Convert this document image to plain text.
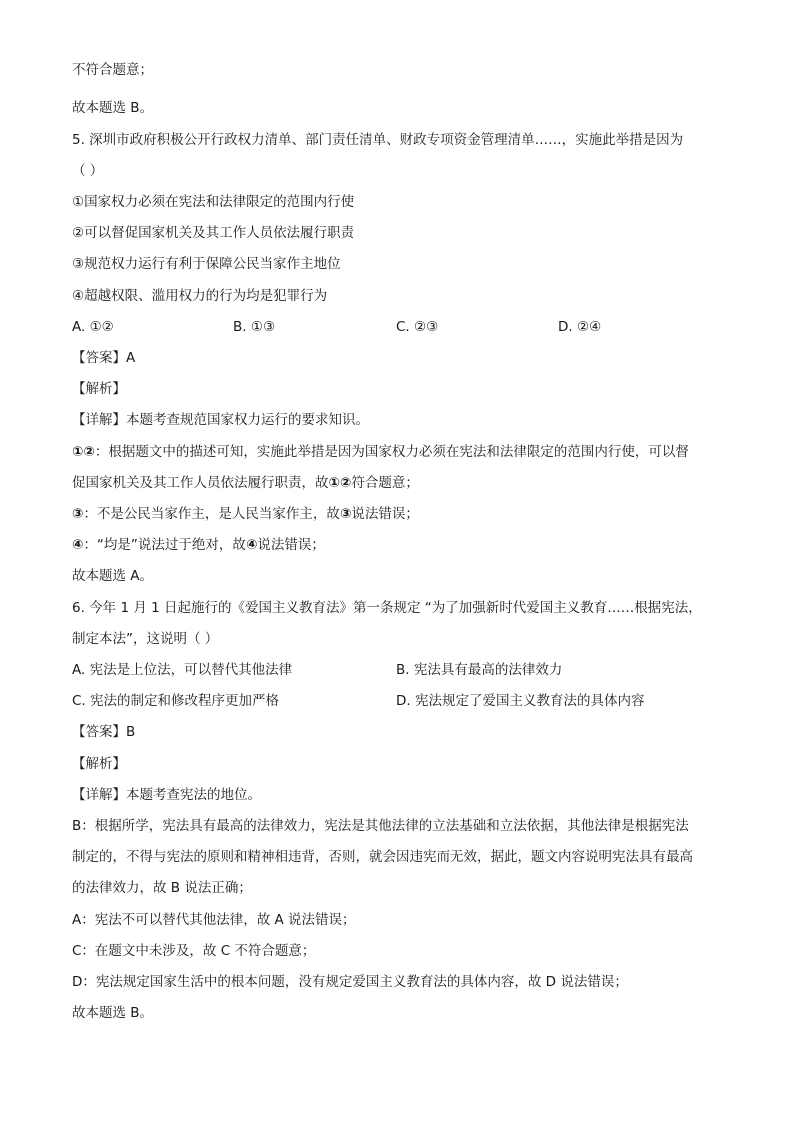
不符合题意；
故本题选 B。
5. 深圳市政府积极公开行政权力清单、部门责任清单、财政专项资金管理清单……，实施此举措是因为
（ ）
①国家权力必须在宪法和法律限定的范围内行使
②可以督促国家机关及其工作人员依法履行职责
③规范权力运行有利于保障公民当家作主地位
④超越权限、滥用权力的行为均是犯罪行为
A. ①②	B. ①③	C. ②③	D. ②④
【答案】A
【解析】
【详解】本题考查规范国家权力运行的要求知识。
①②：根据题文中的描述可知，实施此举措是因为国家权力必须在宪法和法律限定的范围内行使，可以督
促国家机关及其工作人员依法履行职责，故①②符合题意；
③：不是公民当家作主，是人民当家作主，故③说法错误；
④：“均是”说法过于绝对，故④说法错误；
故本题选 A。
6. 今年 1 月 1 日起施行的《爱国主义教育法》第一条规定 “为了加强新时代爱国主义教育……根据宪法，
制定本法”，这说明（ ）
A. 宪法是上位法，可以替代其他法律	B. 宪法具有最高的法律效力
C. 宪法的制定和修改程序更加严格	D. 宪法规定了爱国主义教育法的具体内容
【答案】B
【解析】
【详解】本题考查宪法的地位。
B：根据所学，宪法具有最高的法律效力，宪法是其他法律的立法基础和立法依据，其他法律是根据宪法
制定的，不得与宪法的原则和精神相违背，否则，就会因违宪而无效，据此，题文内容说明宪法具有最高
的法律效力，故 B 说法正确；
A：宪法不可以替代其他法律，故 A 说法错误；
C：在题文中未涉及，故 C 不符合题意；
D：宪法规定国家生活中的根本问题，没有规定爱国主义教育法的具体内容，故 D 说法错误；
故本题选 B。
